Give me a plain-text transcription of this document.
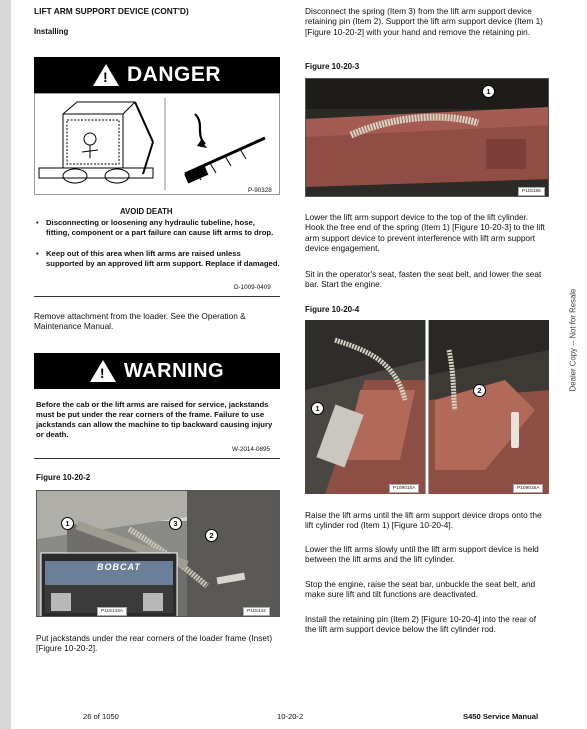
LIFT ARM SUPPORT DEVICE (CONT'D)
Installing
! DANGER
P-90328
AVOID DEATH
• Disconnecting or loosening any hydraulic tubeline, hose, fitting, component or a part failure can cause lift arms to drop.
• Keep out of this area when lift arms are raised unless supported by an approved lift arm support. Replace if damaged.
D-1009-0409
Remove attachment from the loader. See the Operation & Maintenance Manual.
! WARNING
Before the cab or the lift arms are raised for service, jackstands must be put under the rear corners of the frame. Failure to use jackstands can allow the machine to tip backward causing injury or death.
W-2014-0895
Figure 10-20-2
BOBCAT
P115143A	P115142
1	3
2
Put jackstands under the rear corners of the loader frame (Inset) [Figure 10-20-2].
Disconnect the spring (Item 3) from the lift arm support device retaining pin (Item 2). Support the lift arm support device (Item 1) [Figure 10-20-2] with your hand and remove the retaining pin.
Figure 10-20-3
P115185
1
Lower the lift arm support device to the top of the lift cylinder. Hook the free end of the spring (Item 1) [Figure 10-20-3] to the lift arm support device to prevent interference with lift arm support device engagement.
Sit in the operator's seat, fasten the seat belt, and lower the seat bar. Start the engine.
Figure 10-20-4
P109015A	P109016A
1
2
Raise the lift arms until the lift arm support device drops onto the lift cylinder rod (Item 1) [Figure 10-20-4].
Lower the lift arms slowly until the lift arm support device is held between the lift arms and the lift cylinder.
Stop the engine, raise the seat bar, unbuckle the seat belt, and make sure lift and tilt functions are deactivated.
Install the retaining pin (Item 2) [Figure 10-20-4] into the rear of the lift arm support device below the lift cylinder rod.
Dealer Copy -- Not for Resale
26 of 1050	10-20-2	S450 Service Manual
